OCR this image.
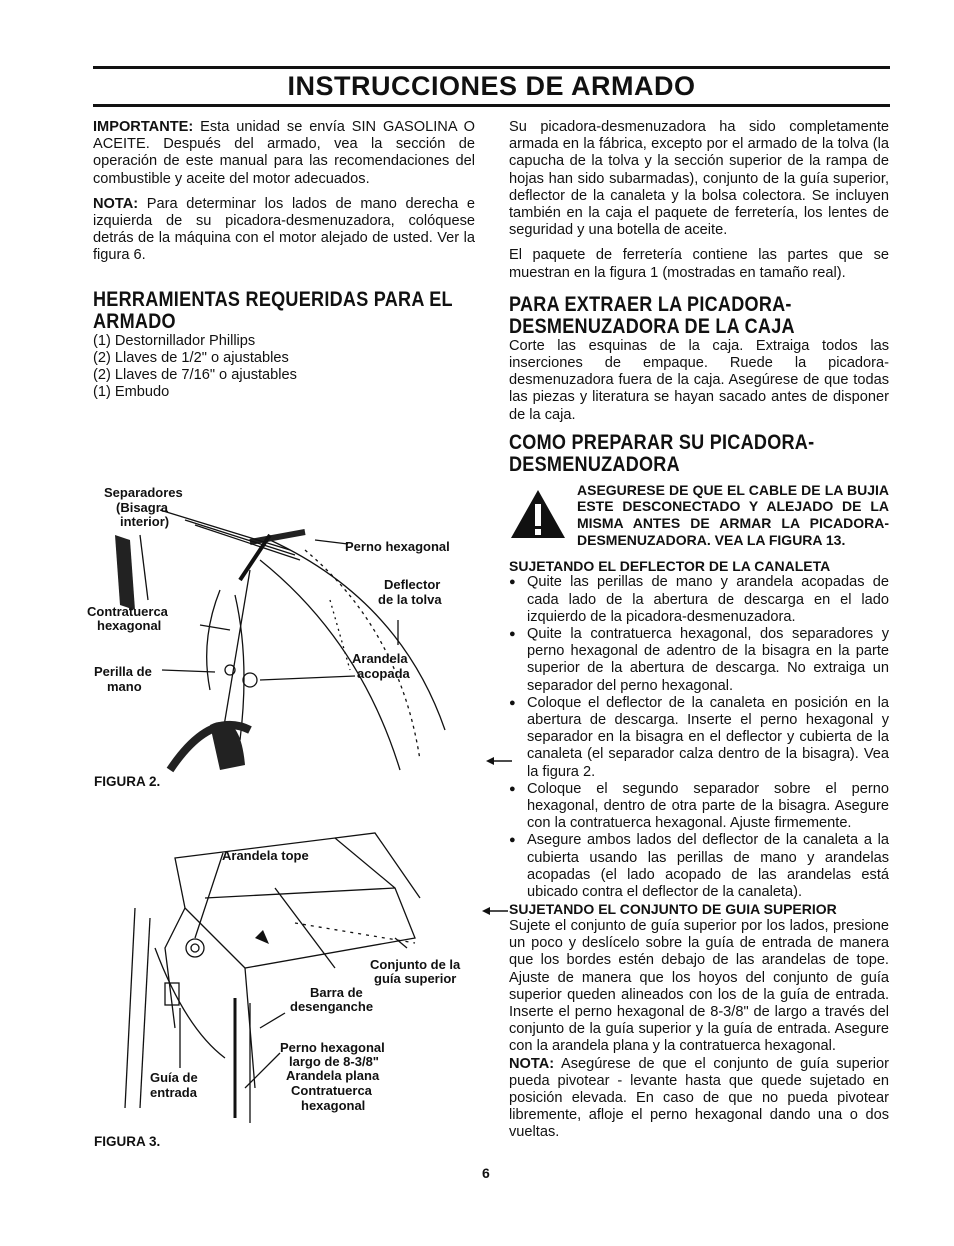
INSTRUCCIONES DE ARMADO

IMPORTANTE: Esta unidad se envía SIN GASOLINA O ACEITE. Después del armado, vea la sección de operación de este manual para las recomendaciones del combustible y aceite del motor adecuados.

NOTA: Para determinar los lados de mano derecha e izquierda de su picadora-desmenuzadora, colóquese detrás de la máquina con el motor alejado de usted. Ver la figura 6.

HERRAMIENTAS REQUERIDAS PARA EL
ARMADO
(1) Destornillador Phillips
(2) Llaves de 1/2" o ajustables
(2) Llaves de 7/16" o ajustables
(1) Embudo
Separadores
(Bisagra
interior)
Perno hexagonal
Deflector
de la tolva
Contratuerca
hexagonal
Arandela
acopada
Perilla de
mano
FIGURA 2.
Arandela tope
Conjunto de la
guía superior
Barra de
desenganche
Perno hexagonal
largo de 8-3/8"
Arandela plana
Contratuerca
hexagonal
Guía de
entrada
FIGURA 3.

Su picadora-desmenuzadora ha sido completamente armada en la fábrica, excepto por el armado de la tolva (la capucha de la tolva y la sección superior de la rampa de hojas han sido subarmadas), conjunto de la guía superior, deflector de la canaleta y la bolsa colectora. Se incluyen también en la caja el paquete de ferretería, los lentes de seguridad y una botella de aceite.

El paquete de ferretería contiene las partes que se muestran en la figura 1 (mostradas en tamaño real).

PARA EXTRAER LA PICADORA-
DESMENUZADORA DE LA CAJA

Corte las esquinas de la caja. Extraiga todos las inserciones de empaque. Ruede la picadora-desmenuzadora fuera de la caja. Asegúrese de que todas las piezas y literatura se hayan sacado antes de disponer de la caja.

COMO PREPARAR SU PICADORA-
DESMENUZADORA
ASEGURESE DE QUE EL CABLE DE LA BUJIA ESTE DESCONECTADO Y ALEJADO DE LA MISMA ANTES DE ARMAR LA PICADORA-DESMENUZADORA. VEA LA FIGURA 13.
SUJETANDO EL DEFLECTOR DE LA CANALETA
● Quite las perillas de mano y arandela acopadas de cada lado de la abertura de descarga en el lado izquierdo de la picadora-desmenuzadora.
● Quite la contratuerca hexagonal, dos separadores y perno hexagonal de adentro de la bisagra en la parte superior de la abertura de descarga. No extraiga un separador del perno hexagonal.
● Coloque el deflector de la canaleta en posición en la abertura de descarga. Inserte el perno hexagonal y separador en la bisagra en el deflector y cubierta de la canaleta (el separador calza dentro de la bisagra). Vea la figura 2.
● Coloque el segundo separador sobre el perno hexagonal, dentro de otra parte de la bisagra. Asegure con la contratuerca hexagonal. Ajuste firmemente.
● Asegure ambos lados del deflector de la canaleta a la cubierta usando las perillas de mano y arandelas acopadas (el lado acopado de las arandelas está ubicado contra el deflector de la canaleta).
SUJETANDO EL CONJUNTO DE GUIA SUPERIOR

Sujete el conjunto de guía superior por los lados, presione un poco y deslícelo sobre la guía de entrada de manera que los bordes estén debajo de las arandelas de tope. Ajuste de manera que los hoyos del conjunto de guía superior queden alineados con los de la guía de entrada. Inserte el perno hexagonal de 8-3/8" de largo a través del conjunto de la guía superior y la guía de entrada. Asegure con la arandela plana y la contratuerca hexagonal.

NOTA: Asegúrese de que el conjunto de guía superior pueda pivotear - levante hasta que quede sujetado en posición elevada. En caso de que no pueda pivotear libremente, afloje el perno hexagonal dando una o dos vueltas.

6
